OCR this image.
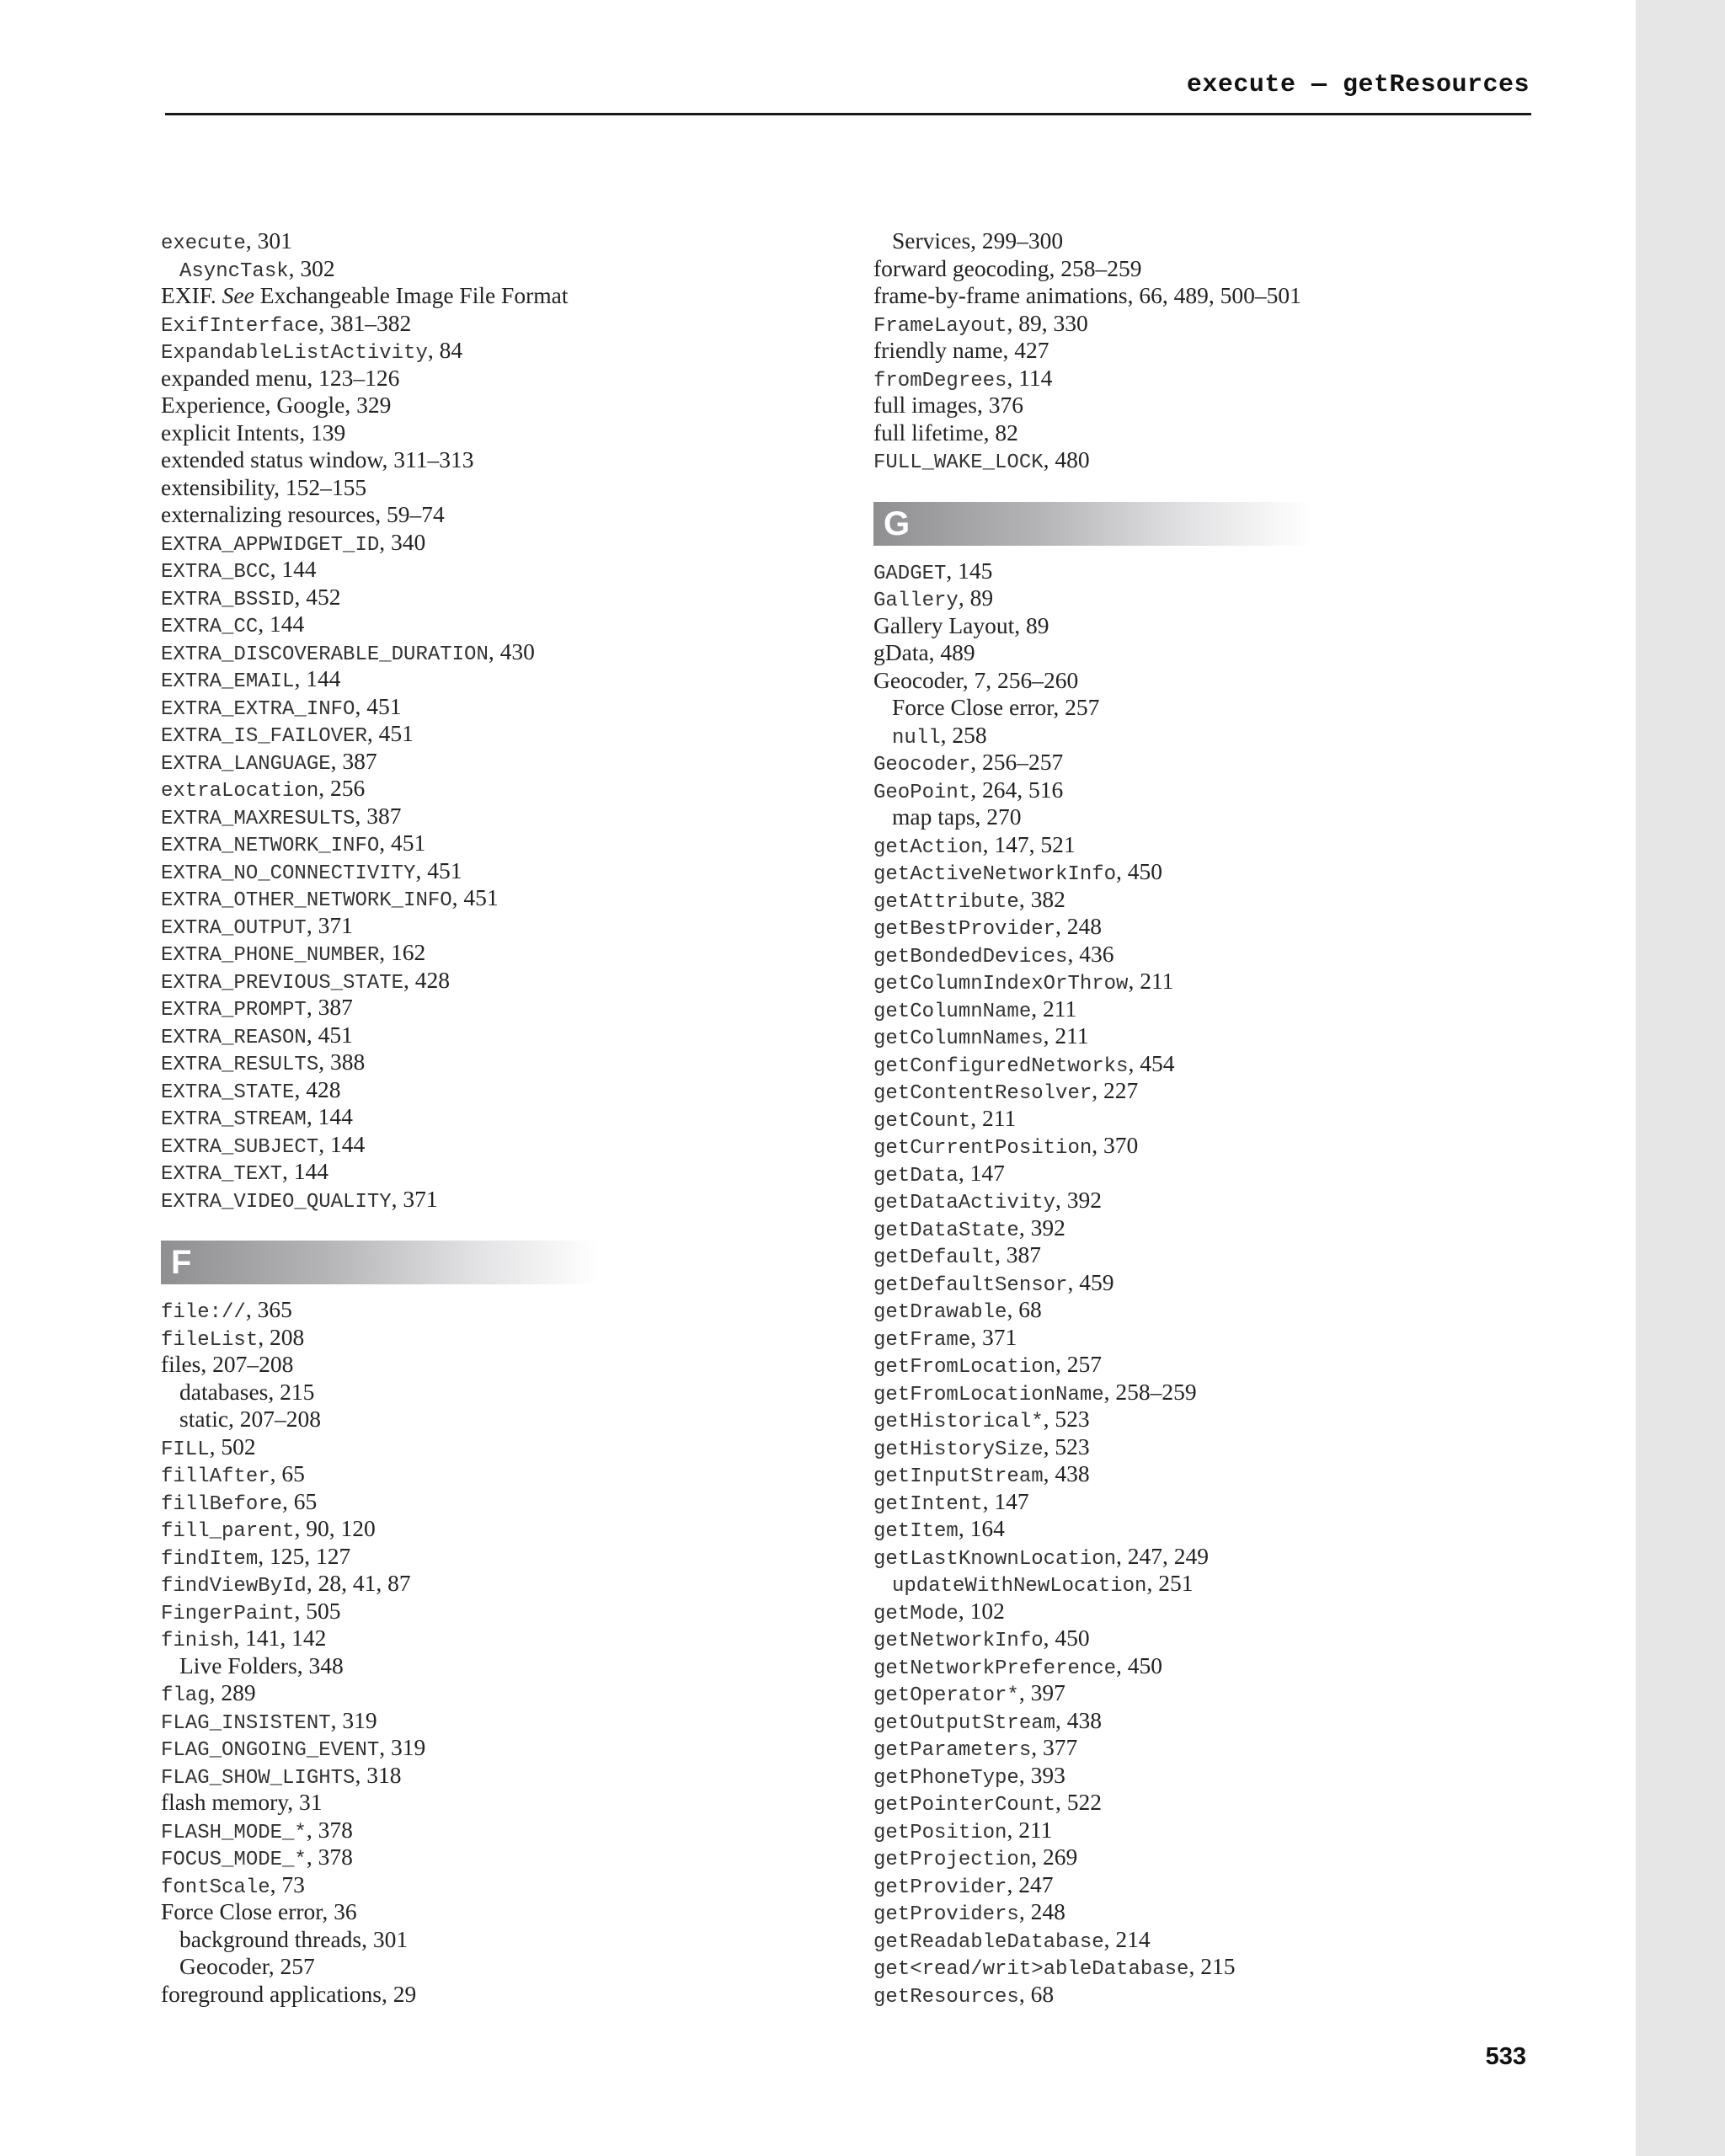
execute — getResources
execute, 301
AsyncTask, 302
EXIF. See Exchangeable Image File Format
ExifInterface, 381–382
ExpandableListActivity, 84
expanded menu, 123–126
Experience, Google, 329
explicit Intents, 139
extended status window, 311–313
extensibility, 152–155
externalizing resources, 59–74
EXTRA_APPWIDGET_ID, 340
EXTRA_BCC, 144
EXTRA_BSSID, 452
EXTRA_CC, 144
EXTRA_DISCOVERABLE_DURATION, 430
EXTRA_EMAIL, 144
EXTRA_EXTRA_INFO, 451
EXTRA_IS_FAILOVER, 451
EXTRA_LANGUAGE, 387
extraLocation, 256
EXTRA_MAXRESULTS, 387
EXTRA_NETWORK_INFO, 451
EXTRA_NO_CONNECTIVITY, 451
EXTRA_OTHER_NETWORK_INFO, 451
EXTRA_OUTPUT, 371
EXTRA_PHONE_NUMBER, 162
EXTRA_PREVIOUS_STATE, 428
EXTRA_PROMPT, 387
EXTRA_REASON, 451
EXTRA_RESULTS, 388
EXTRA_STATE, 428
EXTRA_STREAM, 144
EXTRA_SUBJECT, 144
EXTRA_TEXT, 144
EXTRA_VIDEO_QUALITY, 371
F
file://, 365
fileList, 208
files, 207–208
databases, 215
static, 207–208
FILL, 502
fillAfter, 65
fillBefore, 65
fill_parent, 90, 120
findItem, 125, 127
findViewById, 28, 41, 87
FingerPaint, 505
finish, 141, 142
Live Folders, 348
flag, 289
FLAG_INSISTENT, 319
FLAG_ONGOING_EVENT, 319
FLAG_SHOW_LIGHTS, 318
flash memory, 31
FLASH_MODE_*, 378
FOCUS_MODE_*, 378
fontScale, 73
Force Close error, 36
background threads, 301
Geocoder, 257
foreground applications, 29
Services, 299–300
forward geocoding, 258–259
frame-by-frame animations, 66, 489, 500–501
FrameLayout, 89, 330
friendly name, 427
fromDegrees, 114
full images, 376
full lifetime, 82
FULL_WAKE_LOCK, 480
G
GADGET, 145
Gallery, 89
Gallery Layout, 89
gData, 489
Geocoder, 7, 256–260
Force Close error, 257
null, 258
Geocoder, 256–257
GeoPoint, 264, 516
map taps, 270
getAction, 147, 521
getActiveNetworkInfo, 450
getAttribute, 382
getBestProvider, 248
getBondedDevices, 436
getColumnIndexOrThrow, 211
getColumnName, 211
getColumnNames, 211
getConfiguredNetworks, 454
getContentResolver, 227
getCount, 211
getCurrentPosition, 370
getData, 147
getDataActivity, 392
getDataState, 392
getDefault, 387
getDefaultSensor, 459
getDrawable, 68
getFrame, 371
getFromLocation, 257
getFromLocationName, 258–259
getHistorical*, 523
getHistorySize, 523
getInputStream, 438
getIntent, 147
getItem, 164
getLastKnownLocation, 247, 249
updateWithNewLocation, 251
getMode, 102
getNetworkInfo, 450
getNetworkPreference, 450
getOperator*, 397
getOutputStream, 438
getParameters, 377
getPhoneType, 393
getPointerCount, 522
getPosition, 211
getProjection, 269
getProvider, 247
getProviders, 248
getReadableDatabase, 214
get<read/writ>ableDatabase, 215
getResources, 68
533
